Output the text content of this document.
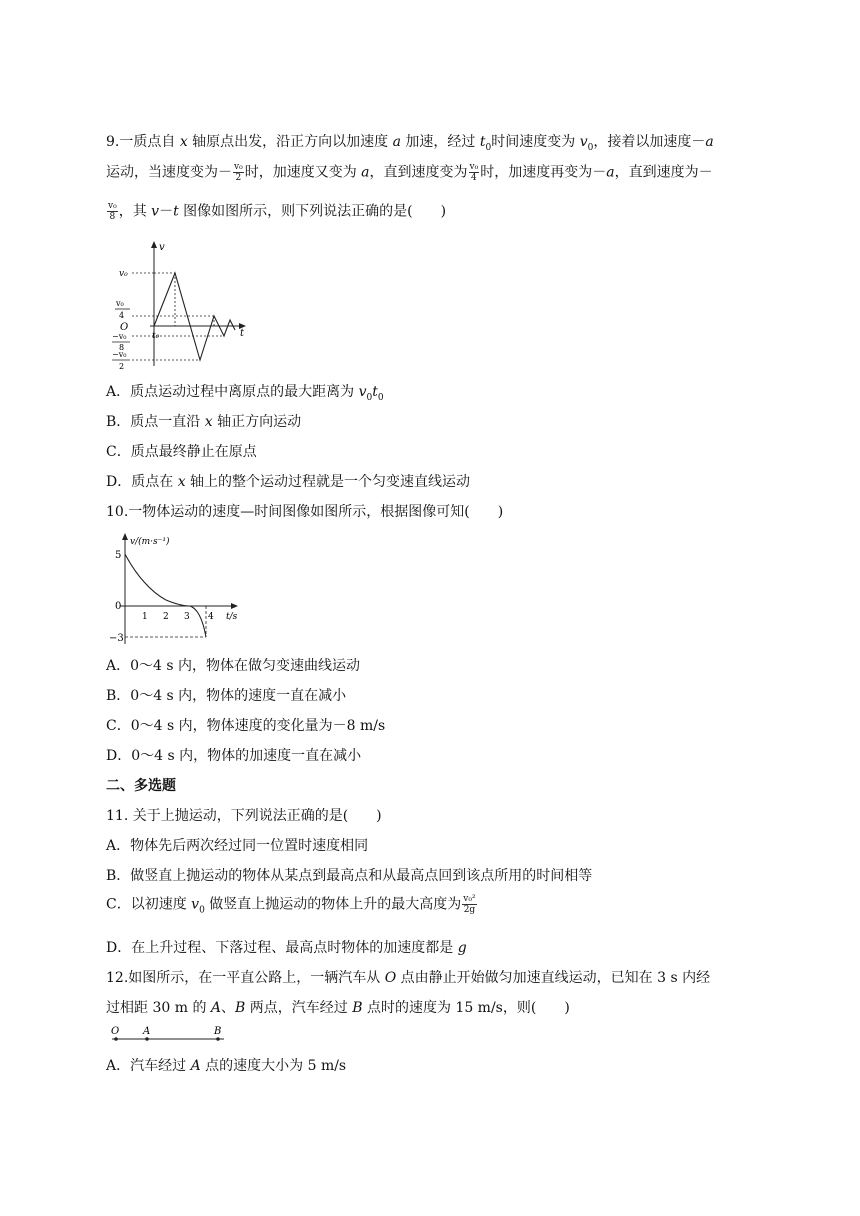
9.一质点自 x 轴原点出发，沿正方向以加速度 a 加速，经过 $t_0$时间速度变为 $v_0$，接着以加速度－a
运动，当速度变为－ $\frac{\text{v₀}}{2}$ 时，加速度又变为 a，直到速度变为 $\frac{\text{v₀}}{4}$ 时，加速度再变为－a，直到速度为－
$\frac{\text{v₀}}{8}$ ，其 v－t 图像如图所示，则下列说法正确的是(　　)
v
t
O
v₀
v₀
4
−v₀
8
−v₀
2
t₀
A．质点运动过程中离原点的最大距离为 $v_0t_0$
B．质点一直沿 x 轴正方向运动
C．质点最终静止在原点
D．质点在 x 轴上的整个运动过程就是一个匀变速直线运动
10.一物体运动的速度—时间图像如图所示，根据图像可知(　　)
v/(m·s⁻¹)
t/s
5
0
−3
1 2 3 4
A．0～4 s 内，物体在做匀变速曲线运动
B．0～4 s 内，物体的速度一直在减小
C．0～4 s 内，物体速度的变化量为－8 m/s
D．0～4 s 内，物体的加速度一直在减小
二、多选题
11. 关于上抛运动，下列说法正确的是(　　)
A．物体先后两次经过同一位置时速度相同
B．做竖直上抛运动的物体从某点到最高点和从最高点回到该点所用的时间相等
C．以初速度 $v_0$ 做竖直上抛运动的物体上升的最大高度为 $\frac{\text{v₀²}}{2g}$
D．在上升过程、下落过程、最高点时物体的加速度都是 g
12.如图所示，在一平直公路上，一辆汽车从 O 点由静止开始做匀加速直线运动，已知在 3 s 内经
过相距 30 m 的 A、B 两点，汽车经过 B 点时的速度为 15 m/s，则(　　)
O A	B
A．汽车经过 A 点的速度大小为 5 m/s
